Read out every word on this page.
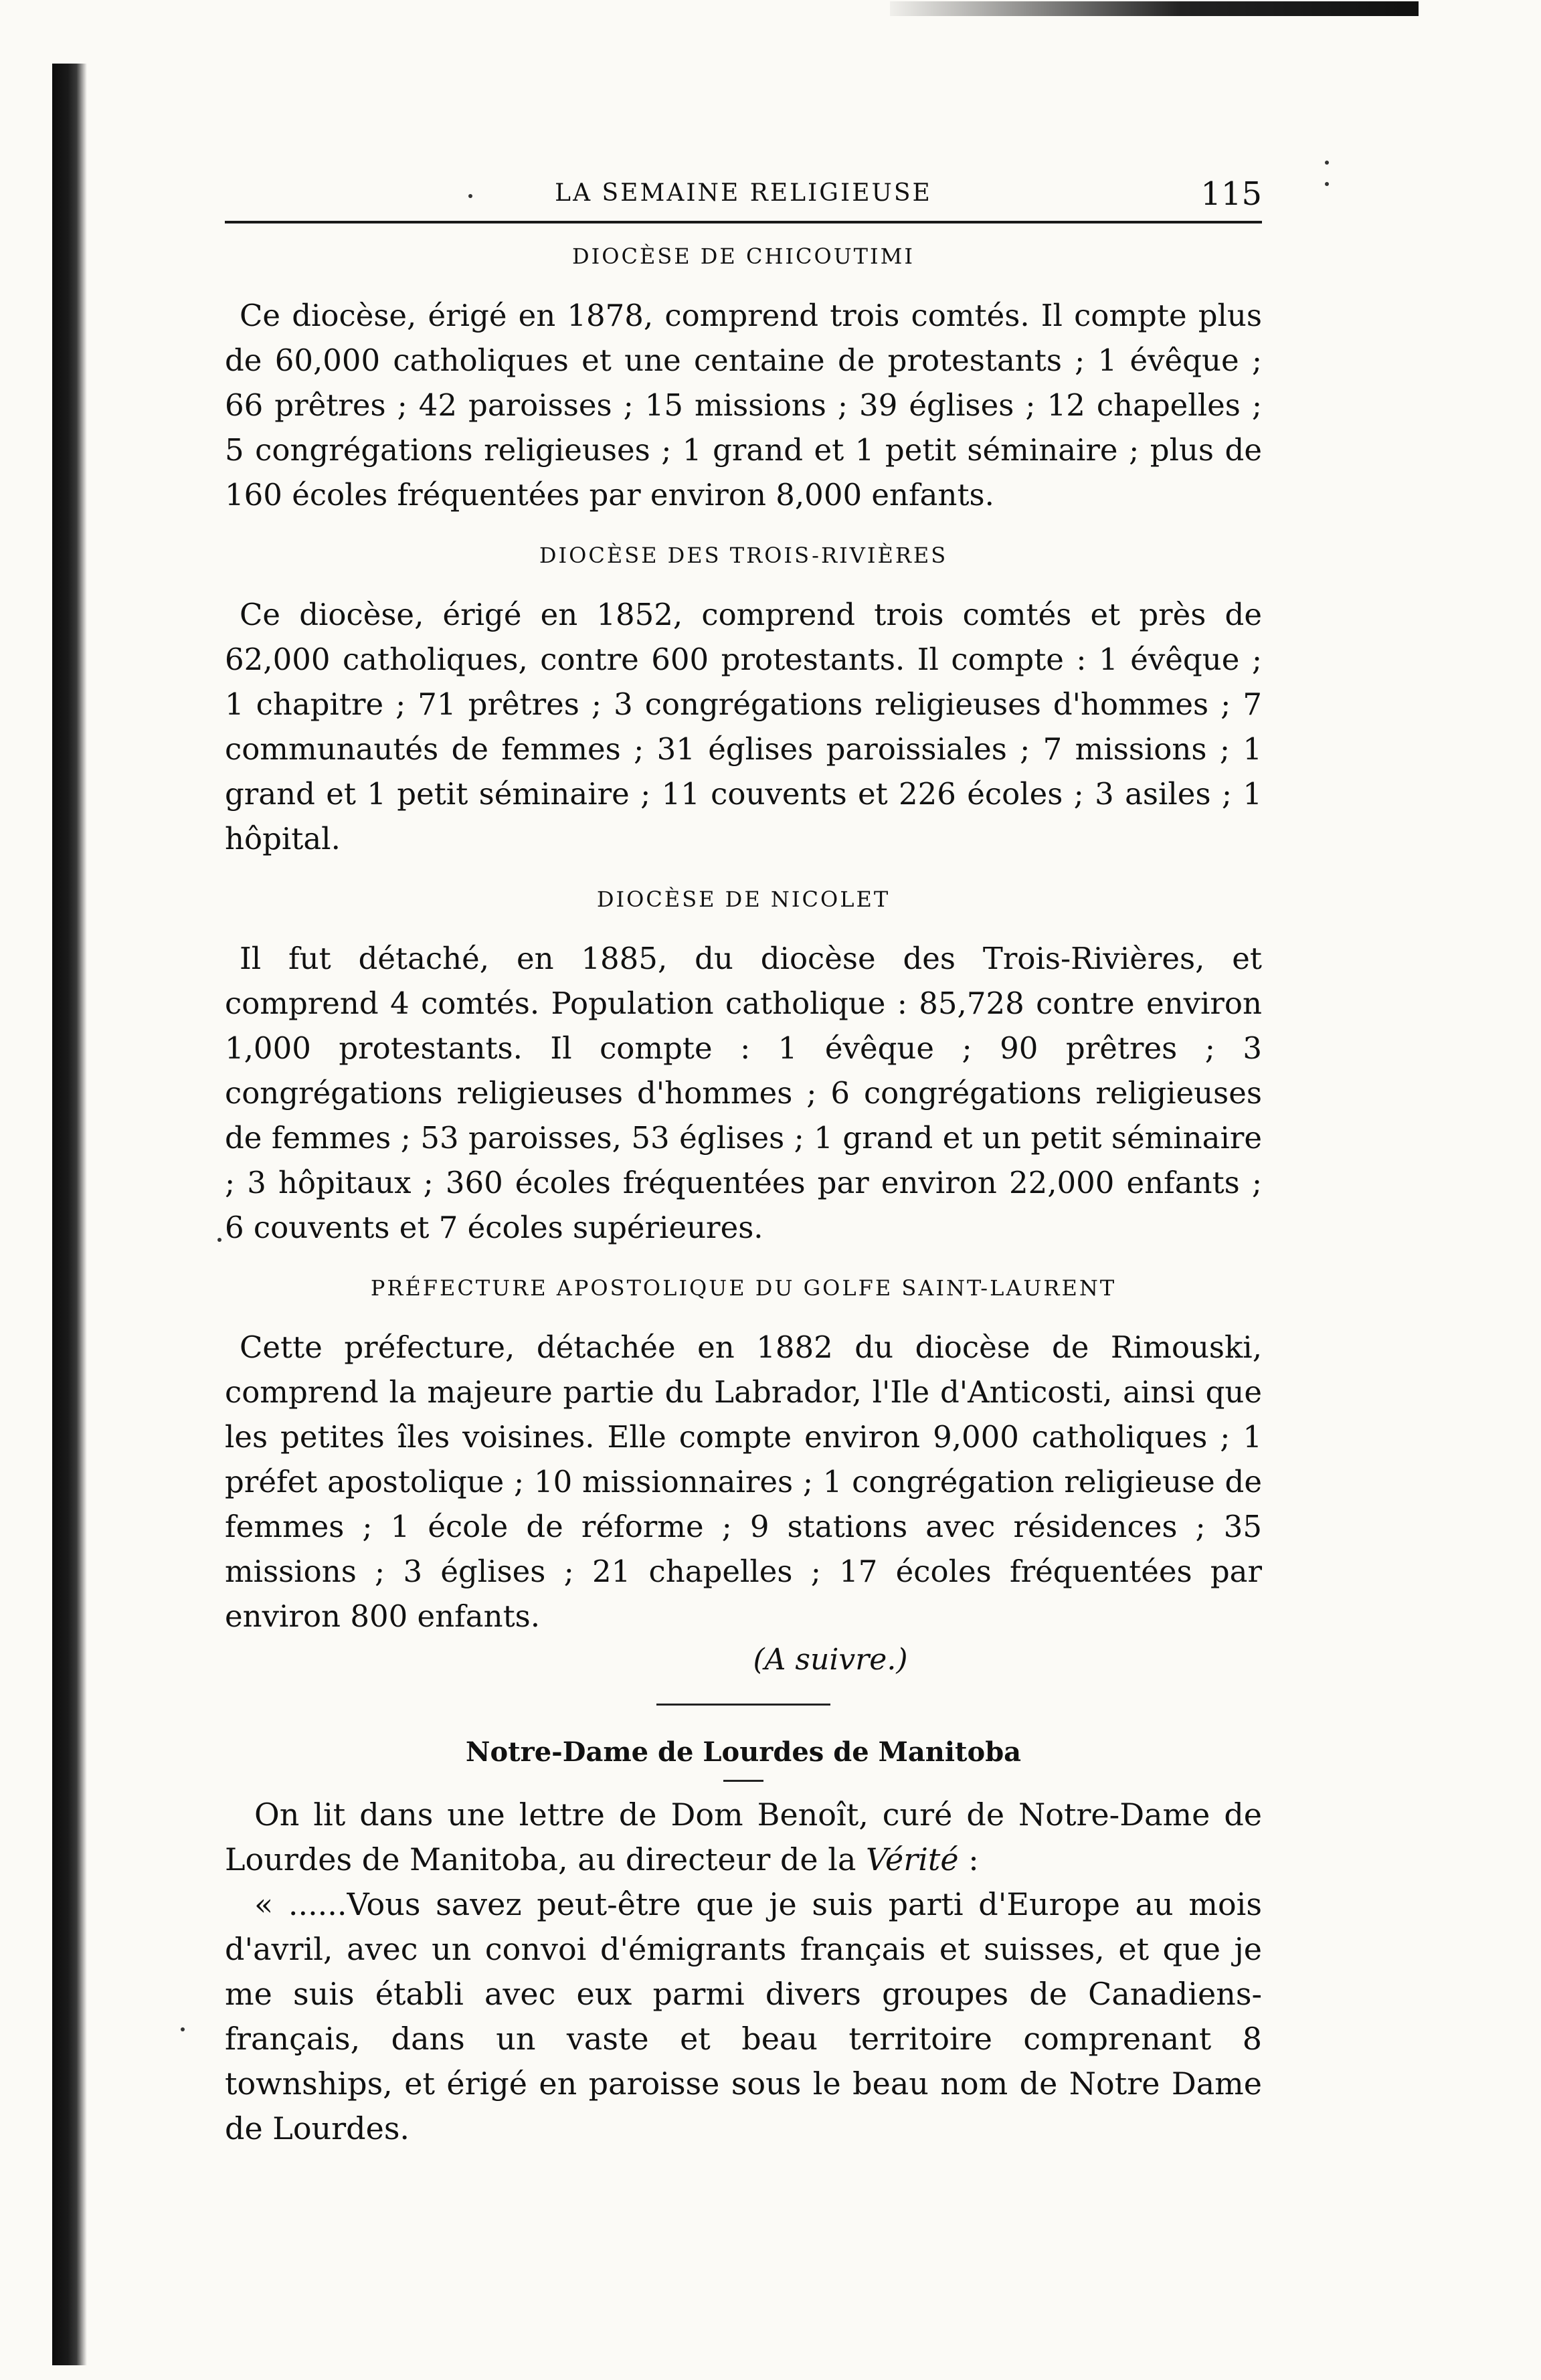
LA SEMAINE RELIGIEUSE	115
DIOCÈSE DE CHICOUTIMI

Ce diocèse, érigé en 1878, comprend trois comtés. Il compte plus de 60,000 catholiques et une centaine de protestants ; 1 évêque ; 66 prêtres ; 42 paroisses ; 15 missions ; 39 églises ; 12 chapelles ; 5 congrégations religieuses ; 1 grand et 1 petit séminaire ; plus de 160 écoles fréquentées par environ 8,000 enfants.

DIOCÈSE DES TROIS-RIVIÈRES

Ce diocèse, érigé en 1852, comprend trois comtés et près de 62,000 catholiques, contre 600 protestants. Il compte : 1 évêque ; 1 chapitre ; 71 prêtres ; 3 congrégations religieuses d'hommes ; 7 communautés de femmes ; 31 églises paroissiales ; 7 missions ; 1 grand et 1 petit séminaire ; 11 couvents et 226 écoles ; 3 asiles ; 1 hôpital.

DIOCÈSE DE NICOLET

Il fut détaché, en 1885, du diocèse des Trois-Rivières, et comprend 4 comtés. Population catholique : 85,728 contre environ 1,000 protestants. Il compte : 1 évêque ; 90 prêtres ; 3 congrégations religieuses d'hommes ; 6 congrégations religieuses de femmes ; 53 paroisses, 53 églises ; 1 grand et un petit séminaire ; 3 hôpitaux ; 360 écoles fréquentées par environ 22,000 enfants ; 6 couvents et 7 écoles supérieures.

PRÉFECTURE APOSTOLIQUE DU GOLFE SAINT-LAURENT

Cette préfecture, détachée en 1882 du diocèse de Rimouski, comprend la majeure partie du Labrador, l'Ile d'Anticosti, ainsi que les petites îles voisines. Elle compte environ 9,000 catholiques ; 1 préfet apostolique ; 10 missionnaires ; 1 congrégation religieuse de femmes ; 1 école de réforme ; 9 stations avec résidences ; 35 missions ; 3 églises ; 21 chapelles ; 17 écoles fréquentées par environ 800 enfants.

(A suivre.)
Notre-Dame de Lourdes de Manitoba

On lit dans une lettre de Dom Benoît, curé de Notre-Dame de Lourdes de Manitoba, au directeur de la Vérité :

« ......Vous savez peut-être que je suis parti d'Europe au mois d'avril, avec un convoi d'émigrants français et suisses, et que je me suis établi avec eux parmi divers groupes de Canadiens-français, dans un vaste et beau territoire comprenant 8 townships, et érigé en paroisse sous le beau nom de Notre Dame de Lourdes.
